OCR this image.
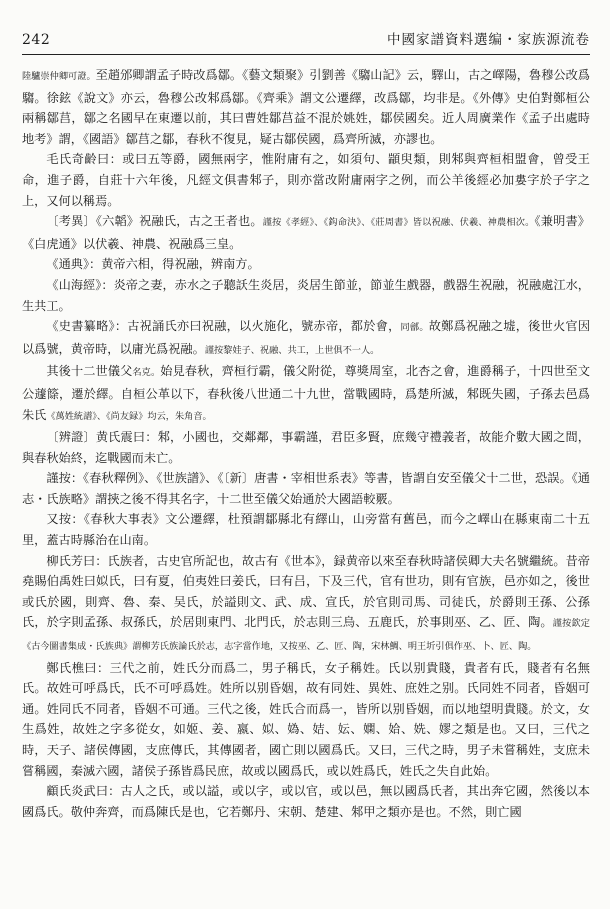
242	中國家譜資料選编・家族源流卷

陸驢崇仲卿可證。至趙邠卿謂孟子時改爲鄒。《藝文類聚》引劉善《騶山記》云，驛山，古之嶧陽，魯穆公改爲騶。徐鉉《說文》亦云，魯穆公改邾爲鄒。《齊乘》謂文公遷繹，改爲鄒，均非是。《外傳》史伯對鄭桓公兩稱鄒莒，鄒之名國早在東遷以前，其曰曹姓鄒莒益不混於姚姓，鄒侯國矣。近人周廣業作《孟子出處時地考》謂，《國語》鄒莒之鄒，春秋不復見，疑古鄒侯國，爲齊所滅，亦謬也。

毛氏奇齡曰：或曰五等爵，國無兩字，惟附庸有之，如須句、顓臾類，則邾與齊桓相盟會，曾受王命，進子爵，自莊十六年後，凡經文俱書邾子，則亦當改附庸兩字之例，而公羊後經必加婁字於子字之上，又何以稱焉。

〔考異〕《六韜》祝融氏，古之王者也。謹按《孝經》、《鈎命決》、《莊周書》皆以祝融、伏羲、神農相次。《兼明書》《白虎通》以伏羲、神農、祝融爲三皇。

《通典》：黄帝六相，得祝融，辨南方。

《山海經》：炎帝之妻，赤水之子聽訞生炎居，炎居生節並，節並生戲器，戲器生祝融，祝融處江水，生共工。

《史書纂略》：古祝誦氏亦曰祝融，以火施化，號赤帝，都於會，同鄶。故鄭爲祝融之墟，後世火官因以爲號，黄帝時，以庸光爲祝融。謹按黎娃子、祝融、共工，上世俱不一人。

其後十二世儀父名克。始見春秋，齊桓行霸，儀父附從，尊獎周室，北杏之會，進爵稱子，十四世至文公蘧篨，遷於繹。自桓公革以下，春秋後八世通二十九世，當戰國時，爲楚所滅，邾既失國，子孫去邑爲朱氏《萬姓統譜》、《尚友録》均云，朱角音。

〔辨證〕黄氏震曰：邾，小國也，交鄰鄰，事霸謹，君臣多賢，庶幾守禮義者，故能介數大國之間，與春秋始終，迄戰國而未亡。

謹按：《春秋釋例》、《世族譜》、《〔新〕唐書・宰相世系表》等書，皆謂自安至儀父十二世，恐誤。《通志・氏族略》謂挾之後不得其名字，十二世至儀父始通於大國語較覈。

又按：《春秋大事表》文公遷繹，杜預謂鄒縣北有繹山，山旁當有舊邑，而今之嶧山在縣東南二十五里，蓋古時縣治在山南。

柳氏芳曰：氏族者，古史官所記也，故古有《世本》，録黄帝以來至春秋時諸侯卿大夫名號繼統。昔帝堯賜伯禹姓曰姒氏，曰有夏，伯夷姓曰姜氏，曰有吕，下及三代，官有世功，則有官族，邑亦如之，後世或氏於國，則齊、魯、秦、吴氏，於謚則文、武、成、宣氏，於官則司馬、司徒氏，於爵則王孫、公孫氏，於字則孟孫、叔孫氏，於居則東門、北門氏，於志則三烏、五鹿氏，於事則巫、乙、匠、陶。謹按欽定《古今圖書集成・氏族典》謂柳芳氏族論氏於志，志字當作地，又按巫、乙、匠、陶，宋林鯛、明王圻引俱作巫、卜、匠、陶。

鄭氏樵曰：三代之前，姓氏分而爲二，男子稱氏，女子稱姓。氏以别貴賤，貴者有氏，賤者有名無氏。故姓可呼爲氏，氏不可呼爲姓。姓所以别昏姻，故有同姓、異姓、庶姓之别。氏同姓不同者，昏姻可通。姓同氏不同者，昏姻不可通。三代之後，姓氏合而爲一，皆所以别昏姻，而以地望明貴賤。於文，女生爲姓，故姓之字多從女，如姬、姜、嬴、姒、媯、姞、妘、嫻、姶、姺、嫪之類是也。又曰，三代之時，天子、諸侯傳國，支庶傳氏，其傳國者，國亡則以國爲氏。又曰，三代之時，男子未嘗稱姓，支庶未嘗稱國，秦滅六國，諸侯子孫皆爲民庶，故或以國爲氏，或以姓爲氏，姓氏之失自此始。

顧氏炎武曰：古人之氏，或以謚，或以字，或以官，或以邑，無以國爲氏者，其出奔它國，然後以本國爲氏。敬仲奔齊，而爲陳氏是也，它若鄭丹、宋朝、楚建、邾甲之類亦是也。不然，則亡國
